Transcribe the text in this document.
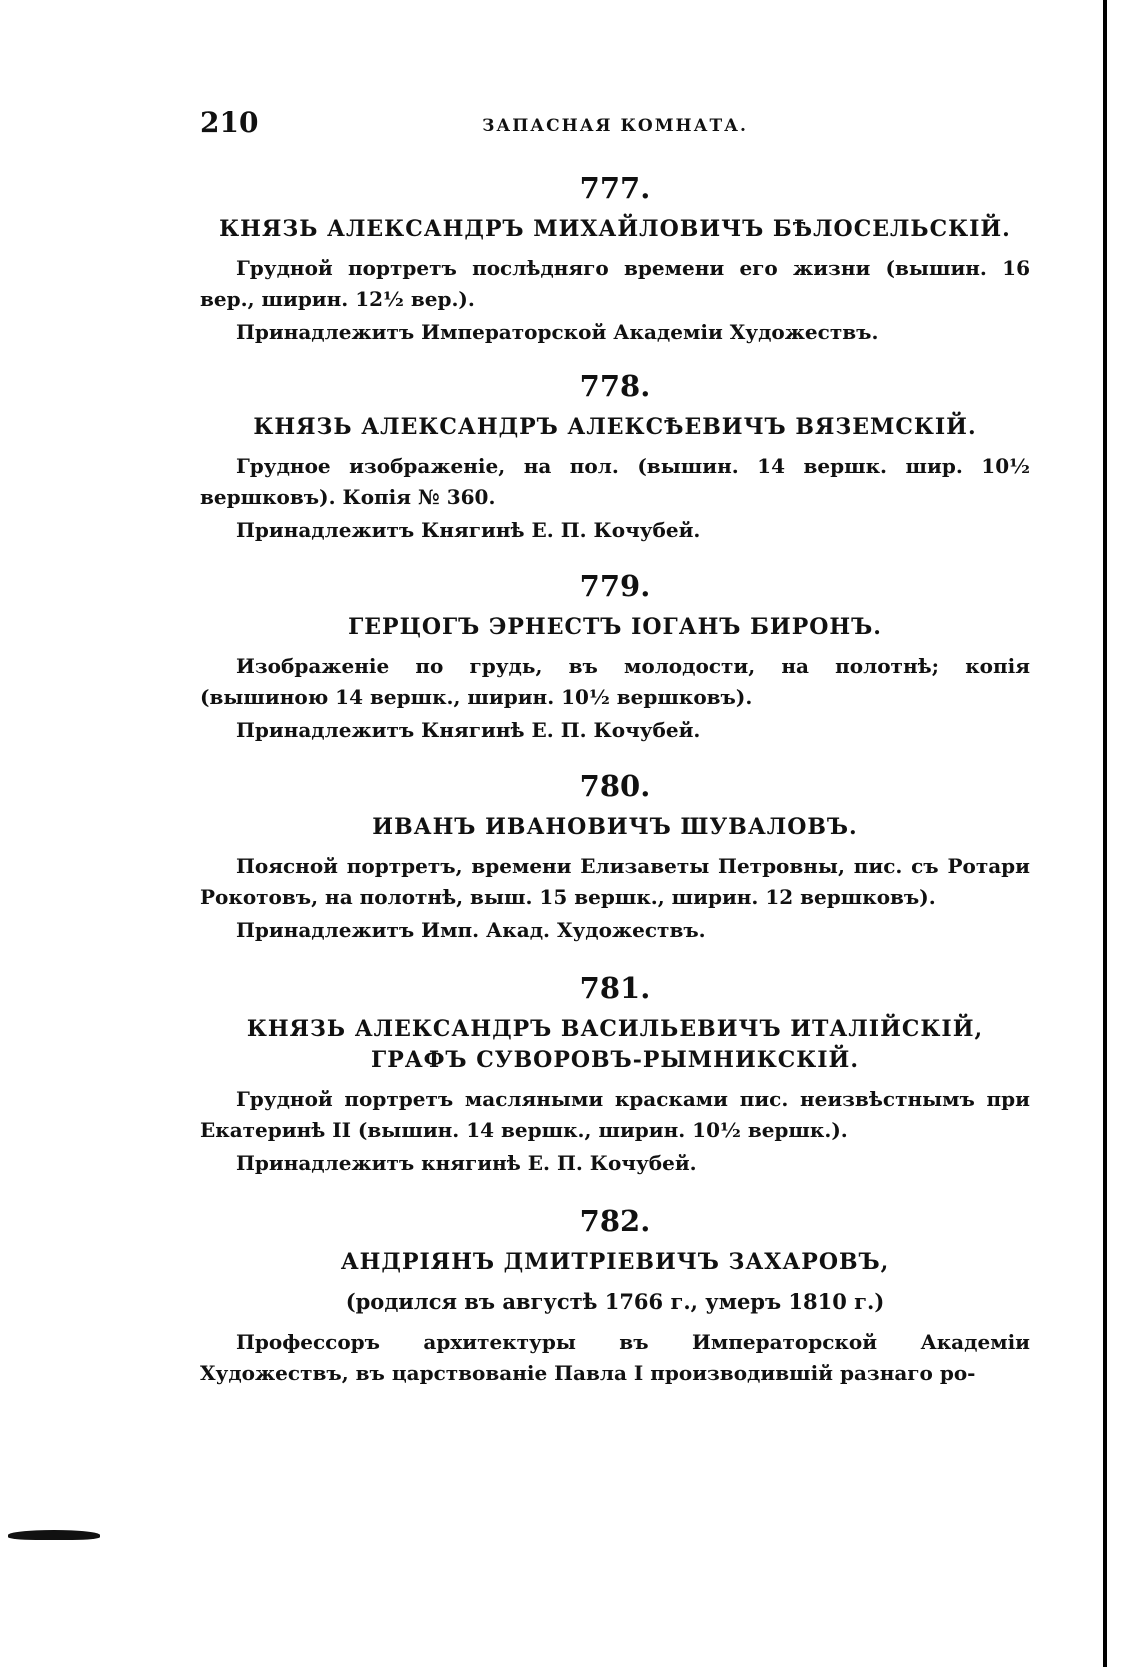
210	ЗАПАСНАЯ КОМНАТА.
777.
КНЯЗЬ АЛЕКСАНДРЪ МИХАЙЛОВИЧЪ БѢЛОСЕЛЬСКІЙ.

Грудной портретъ послѣдняго времени его жизни (вышин. 16 вер., ширин. 12½ вер.).

Принадлежитъ Императорской Академіи Художествъ.

778.
КНЯЗЬ АЛЕКСАНДРЪ АЛЕКСѢЕВИЧЪ ВЯЗЕМСКІЙ.

Грудное изображеніе, на пол. (вышин. 14 вершк. шир. 10½ вершковъ). Копія № 360.

Принадлежитъ Княгинѣ Е. П. Кочубей.

779.
ГЕРЦОГЪ ЭРНЕСТЪ ІОГАНЪ БИРОНЪ.

Изображеніе по грудь, въ молодости, на полотнѣ; копія (вышиною 14 вершк., ширин. 10½ вершковъ).

Принадлежитъ Княгинѣ Е. П. Кочубей.

780.
ИВАНЪ ИВАНОВИЧЪ ШУВАЛОВЪ.

Поясной портретъ, времени Елизаветы Петровны, пис. съ Ротари Рокотовъ, на полотнѣ, выш. 15 вершк., ширин. 12 вершковъ).

Принадлежитъ Имп. Акад. Художествъ.

781.
КНЯЗЬ АЛЕКСАНДРЪ ВАСИЛЬЕВИЧЪ ИТАЛІЙСКІЙ, ГРАФЪ СУВОРОВЪ-РЫМНИКСКІЙ.

Грудной портретъ масляными красками пис. неизвѣстнымъ при Екатеринѣ II (вышин. 14 вершк., ширин. 10½ вершк.).

Принадлежитъ княгинѣ Е. П. Кочубей.

782.
АНДРІЯНЪ ДМИТРІЕВИЧЪ ЗАХАРОВЪ,
(родился въ августѣ 1766 г., умеръ 1810 г.)

Профессоръ архитектуры въ Императорской Академіи Художествъ, въ царствованіе Павла I производившій разнаго ро-
